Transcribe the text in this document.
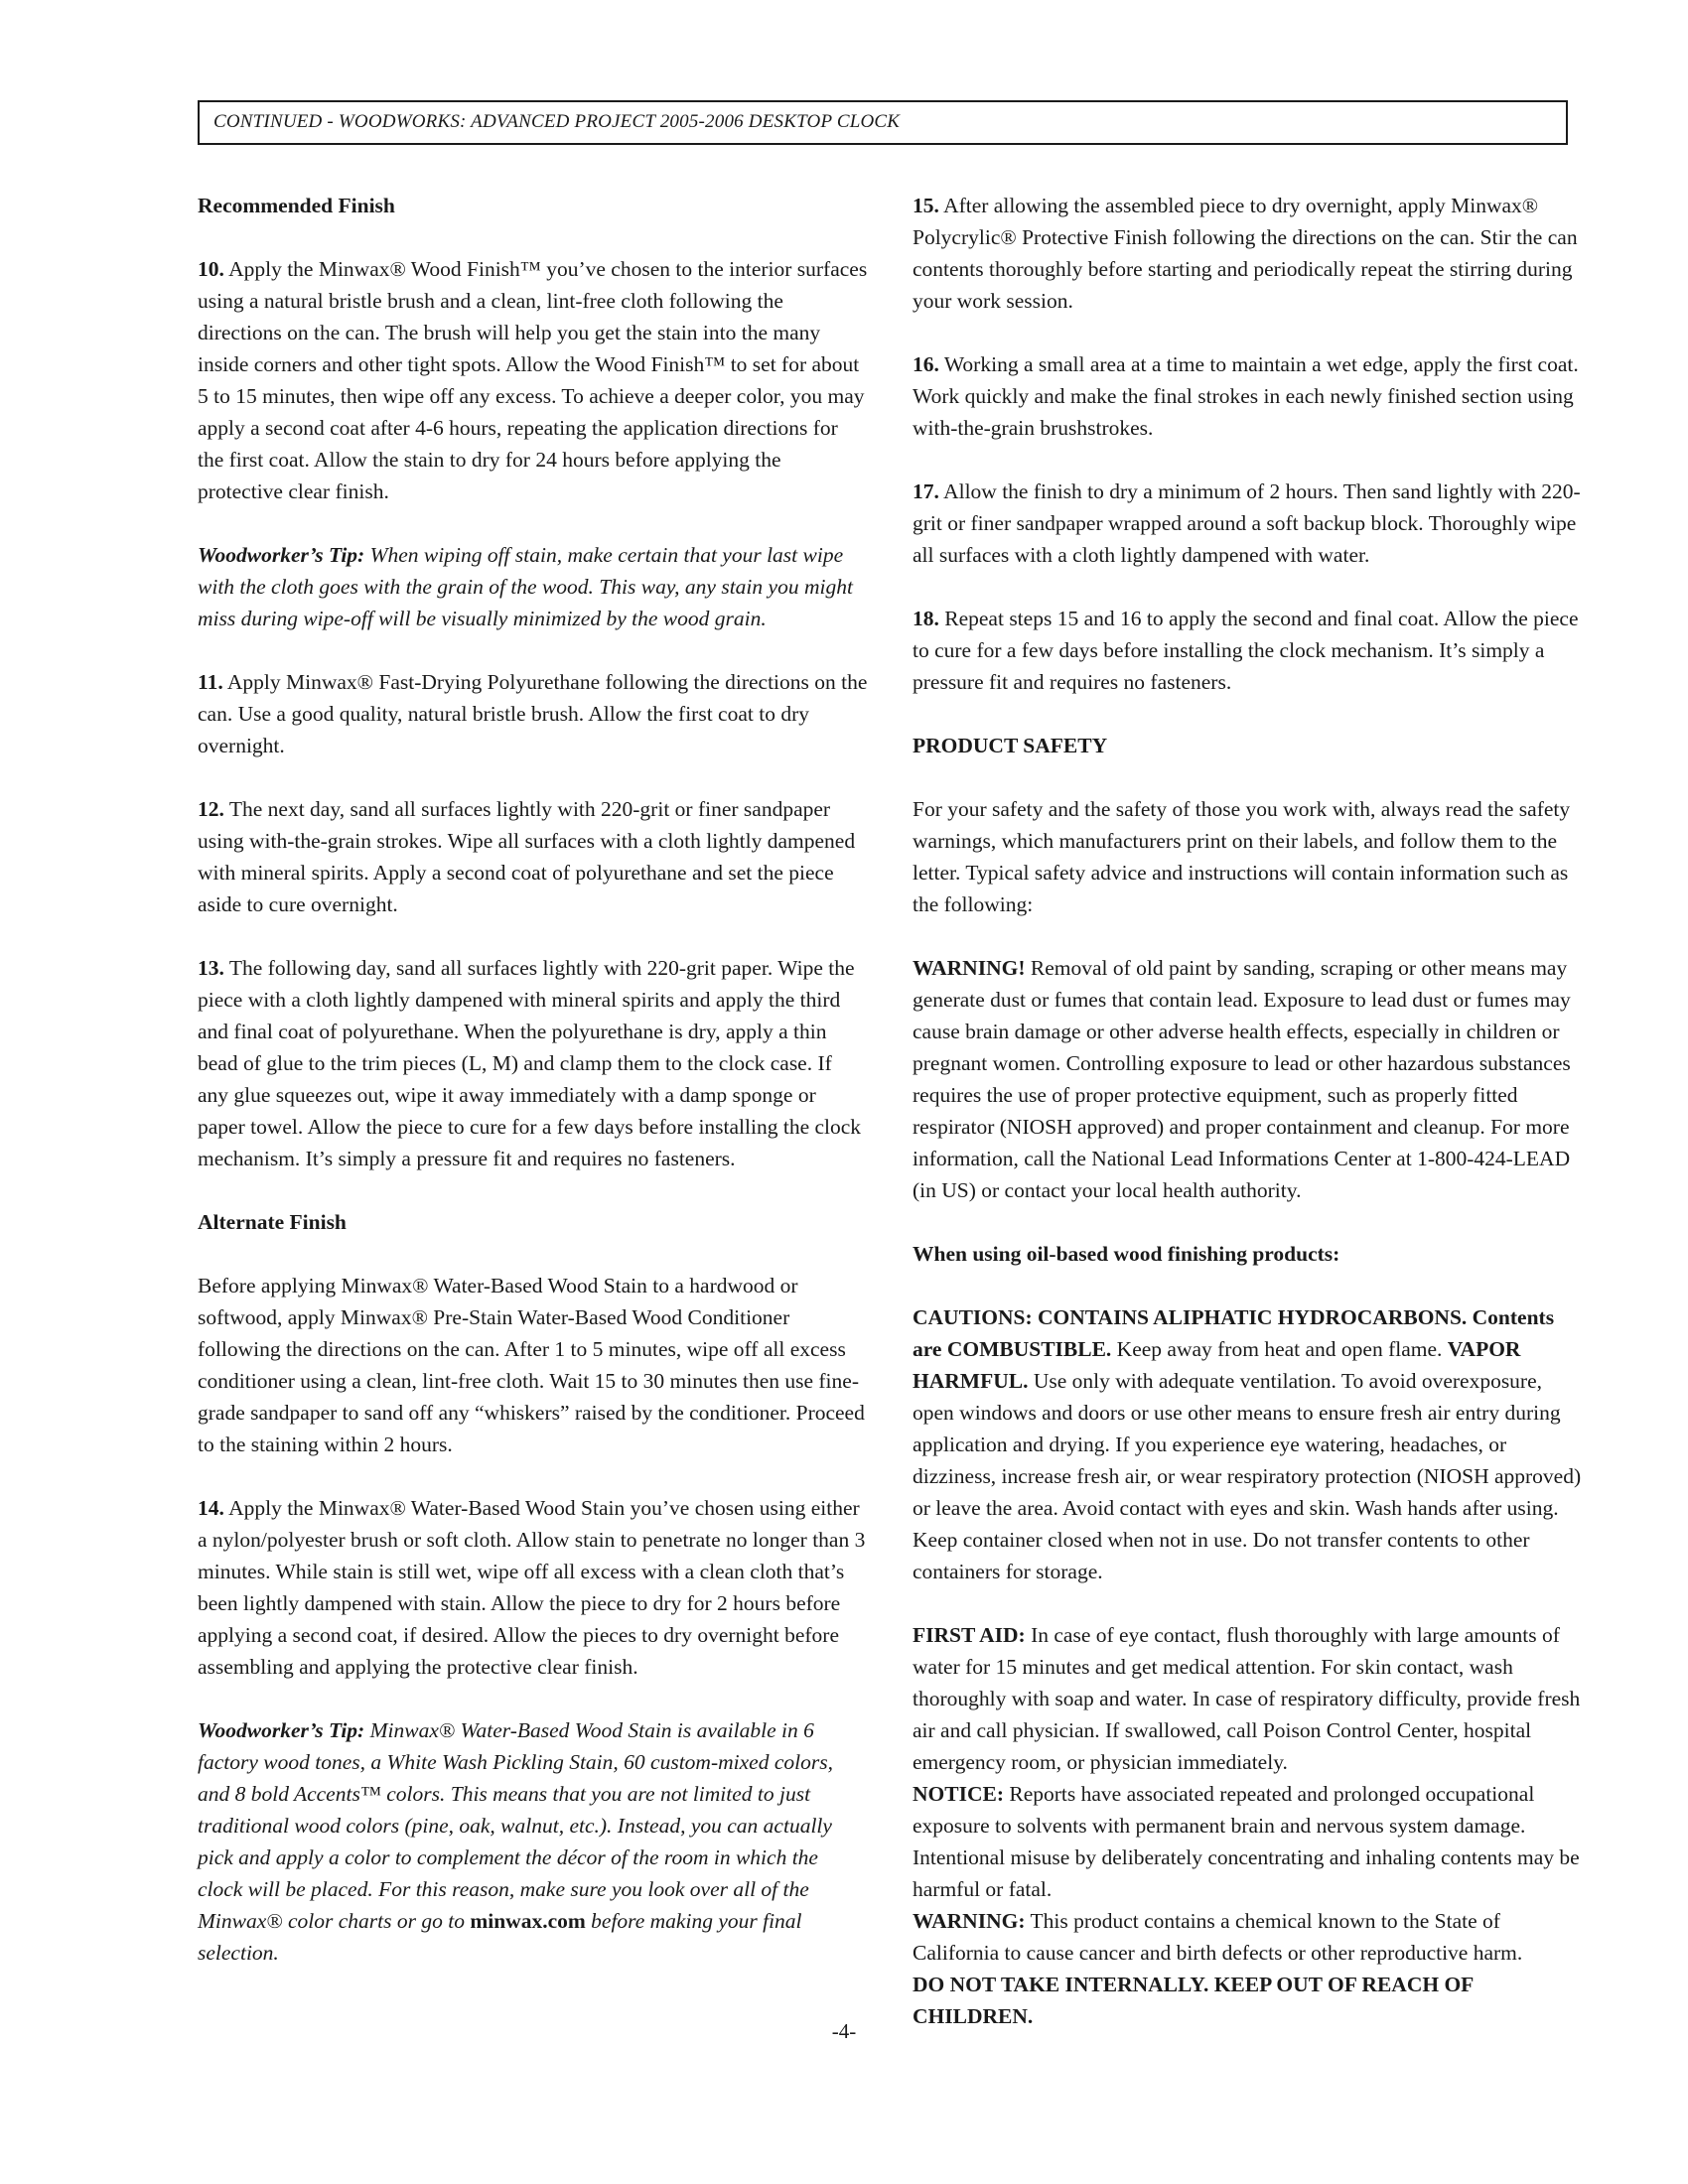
CONTINUED - WOODWORKS: ADVANCED PROJECT 2005-2006 DESKTOP CLOCK

Recommended Finish

10. Apply the Minwax® Wood Finish™ you’ve chosen to the interior surfaces using a natural bristle brush and a clean, lint-free cloth following the directions on the can. The brush will help you get the stain into the many inside corners and other tight spots. Allow the Wood Finish™ to set for about 5 to 15 minutes, then wipe off any excess. To achieve a deeper color, you may apply a second coat after 4-6 hours, repeating the application directions for the first coat. Allow the stain to dry for 24 hours before applying the protective clear finish.

Woodworker’s Tip: When wiping off stain, make certain that your last wipe with the cloth goes with the grain of the wood. This way, any stain you might miss during wipe-off will be visually minimized by the wood grain.

11. Apply Minwax® Fast-Drying Polyurethane following the directions on the can. Use a good quality, natural bristle brush. Allow the first coat to dry overnight.

12. The next day, sand all surfaces lightly with 220-grit or finer sandpaper using with-the-grain strokes. Wipe all surfaces with a cloth lightly dampened with mineral spirits. Apply a second coat of polyurethane and set the piece aside to cure overnight.

13. The following day, sand all surfaces lightly with 220-grit paper. Wipe the piece with a cloth lightly dampened with mineral spirits and apply the third and final coat of polyurethane. When the polyurethane is dry, apply a thin bead of glue to the trim pieces (L, M) and clamp them to the clock case. If any glue squeezes out, wipe it away immediately with a damp sponge or paper towel. Allow the piece to cure for a few days before installing the clock mechanism. It’s simply a pressure fit and requires no fasteners.

Alternate Finish

Before applying Minwax® Water-Based Wood Stain to a hardwood or softwood, apply Minwax® Pre-Stain Water-Based Wood Conditioner following the directions on the can. After 1 to 5 minutes, wipe off all excess conditioner using a clean, lint-free cloth. Wait 15 to 30 minutes then use fine-grade sandpaper to sand off any “whiskers” raised by the conditioner. Proceed to the staining within 2 hours.

14. Apply the Minwax® Water-Based Wood Stain you’ve chosen using either a nylon/polyester brush or soft cloth. Allow stain to penetrate no longer than 3 minutes. While stain is still wet, wipe off all excess with a clean cloth that’s been lightly dampened with stain. Allow the piece to dry for 2 hours before applying a second coat, if desired. Allow the pieces to dry overnight before assembling and applying the protective clear finish.

Woodworker’s Tip: Minwax® Water-Based Wood Stain is available in 6 factory wood tones, a White Wash Pickling Stain, 60 custom-mixed colors, and 8 bold Accents™ colors. This means that you are not limited to just traditional wood colors (pine, oak, walnut, etc.). Instead, you can actually pick and apply a color to complement the décor of the room in which the clock will be placed. For this reason, make sure you look over all of the Minwax® color charts or go to minwax.com before making your final selection.

15. After allowing the assembled piece to dry overnight, apply Minwax® Polycrylic® Protective Finish following the directions on the can. Stir the can contents thoroughly before starting and periodically repeat the stirring during your work session.

16. Working a small area at a time to maintain a wet edge, apply the first coat. Work quickly and make the final strokes in each newly finished section using with-the-grain brushstrokes.

17. Allow the finish to dry a minimum of 2 hours. Then sand lightly with 220-grit or finer sandpaper wrapped around a soft backup block. Thoroughly wipe all surfaces with a cloth lightly dampened with water.

18. Repeat steps 15 and 16 to apply the second and final coat. Allow the piece to cure for a few days before installing the clock mechanism. It’s simply a pressure fit and requires no fasteners.

PRODUCT SAFETY

For your safety and the safety of those you work with, always read the safety warnings, which manufacturers print on their labels, and follow them to the letter. Typical safety advice and instructions will contain information such as the following:

WARNING! Removal of old paint by sanding, scraping or other means may generate dust or fumes that contain lead. Exposure to lead dust or fumes may cause brain damage or other adverse health effects, especially in children or pregnant women. Controlling exposure to lead or other hazardous substances requires the use of proper protective equipment, such as properly fitted respirator (NIOSH approved) and proper containment and cleanup. For more information, call the National Lead Informations Center at 1-800-424-LEAD (in US) or contact your local health authority.

When using oil-based wood finishing products:

CAUTIONS: CONTAINS ALIPHATIC HYDROCARBONS. Contents are COMBUSTIBLE. Keep away from heat and open flame. VAPOR HARMFUL. Use only with adequate ventilation. To avoid overexposure, open windows and doors or use other means to ensure fresh air entry during application and drying. If you experience eye watering, headaches, or dizziness, increase fresh air, or wear respiratory protection (NIOSH approved) or leave the area. Avoid contact with eyes and skin. Wash hands after using. Keep container closed when not in use. Do not transfer contents to other containers for storage.

FIRST AID: In case of eye contact, flush thoroughly with large amounts of water for 15 minutes and get medical attention. For skin contact, wash thoroughly with soap and water. In case of respiratory difficulty, provide fresh air and call physician. If swallowed, call Poison Control Center, hospital emergency room, or physician immediately.

NOTICE: Reports have associated repeated and prolonged occupational exposure to solvents with permanent brain and nervous system damage. Intentional misuse by deliberately concentrating and inhaling contents may be harmful or fatal.

WARNING: This product contains a chemical known to the State of California to cause cancer and birth defects or other reproductive harm.

DO NOT TAKE INTERNALLY. KEEP OUT OF REACH OF CHILDREN.

-4-
